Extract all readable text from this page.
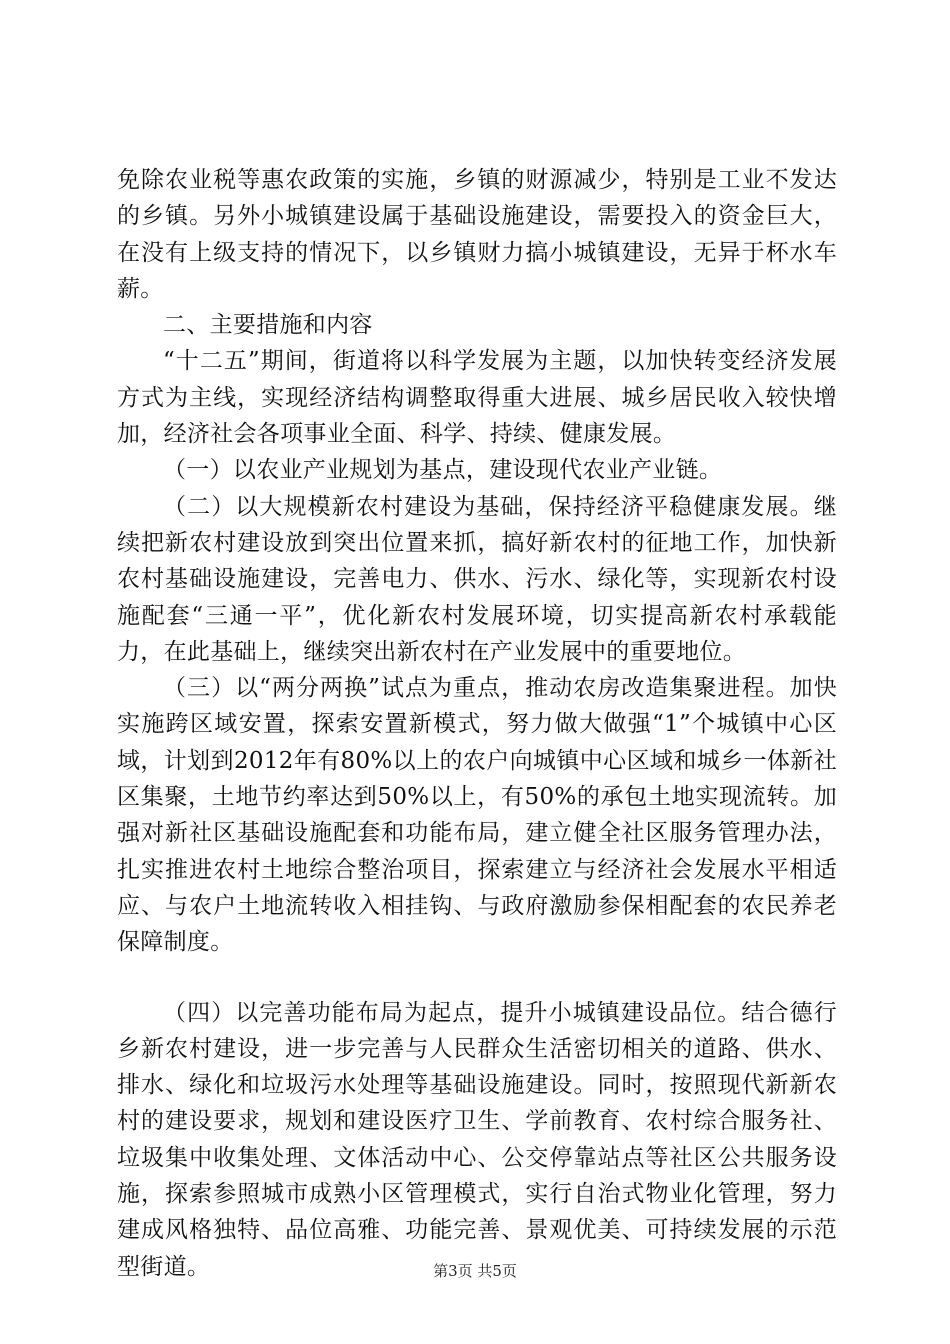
免除农业税等惠农政策的实施，乡镇的财源减少，特别是工业不发达的乡镇。另外小城镇建设属于基础设施建设，需要投入的资金巨大，在没有上级支持的情况下，以乡镇财力搞小城镇建设，无异于杯水车薪。

二、主要措施和内容

“十二五”期间，街道将以科学发展为主题，以加快转变经济发展方式为主线，实现经济结构调整取得重大进展、城乡居民收入较快增加，经济社会各项事业全面、科学、持续、健康发展。

（一）以农业产业规划为基点，建设现代农业产业链。

（二）以大规模新农村建设为基础，保持经济平稳健康发展。继续把新农村建设放到突出位置来抓，搞好新农村的征地工作，加快新农村基础设施建设，完善电力、供水、污水、绿化等，实现新农村设施配套“三通一平”，优化新农村发展环境，切实提高新农村承载能力，在此基础上，继续突出新农村在产业发展中的重要地位。

（三）以“两分两换”试点为重点，推动农房改造集聚进程。加快实施跨区域安置，探索安置新模式，努力做大做强“1”个城镇中心区域，计划到2012年有80%以上的农户向城镇中心区域和城乡一体新社区集聚，土地节约率达到50%以上，有50%的承包土地实现流转。加强对新社区基础设施配套和功能布局，建立健全社区服务管理办法，扎实推进农村土地综合整治项目，探索建立与经济社会发展水平相适应、与农户土地流转收入相挂钩、与政府激励参保相配套的农民养老保障制度。

（四）以完善功能布局为起点，提升小城镇建设品位。结合德行乡新农村建设，进一步完善与人民群众生活密切相关的道路、供水、排水、绿化和垃圾污水处理等基础设施建设。同时，按照现代新新农村的建设要求，规划和建设医疗卫生、学前教育、农村综合服务社、垃圾集中收集处理、文体活动中心、公交停靠站点等社区公共服务设施，探索参照城市成熟小区管理模式，实行自治式物业化管理，努力建成风格独特、品位高雅、功能完善、景观优美、可持续发展的示范型街道。	第3页 共5页
